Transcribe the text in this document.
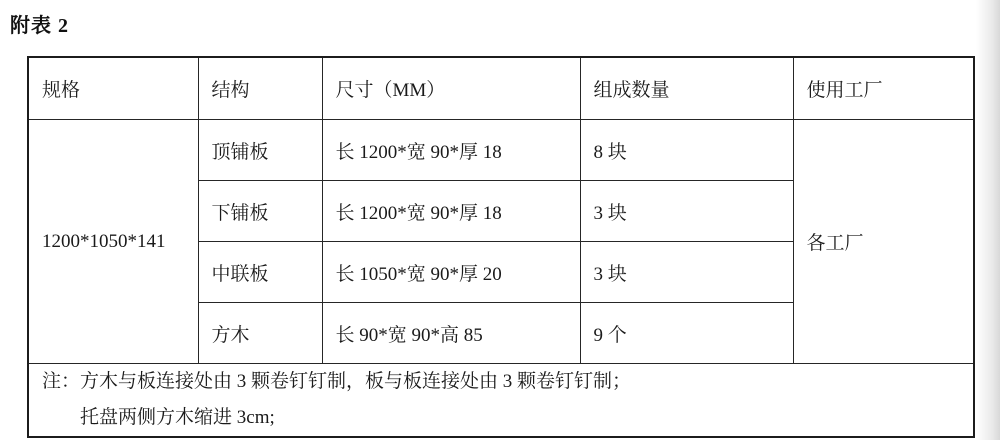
附表 2
规格	结构	尺寸（MM）	组成数量	使用工厂
1200*1050*141	顶铺板	长 1200*宽 90*厚 18	8 块	各工厂
	下铺板	长 1200*宽 90*厚 18	3 块	
	中联板	长 1050*宽 90*厚 20	3 块	
	方木	长 90*宽 90*高 85	9 个	

注： 方木与板连接处由 3 颗卷钉钉制，板与板连接处由 3 颗卷钉钉制；
托盘两侧方木缩进 3cm;				
